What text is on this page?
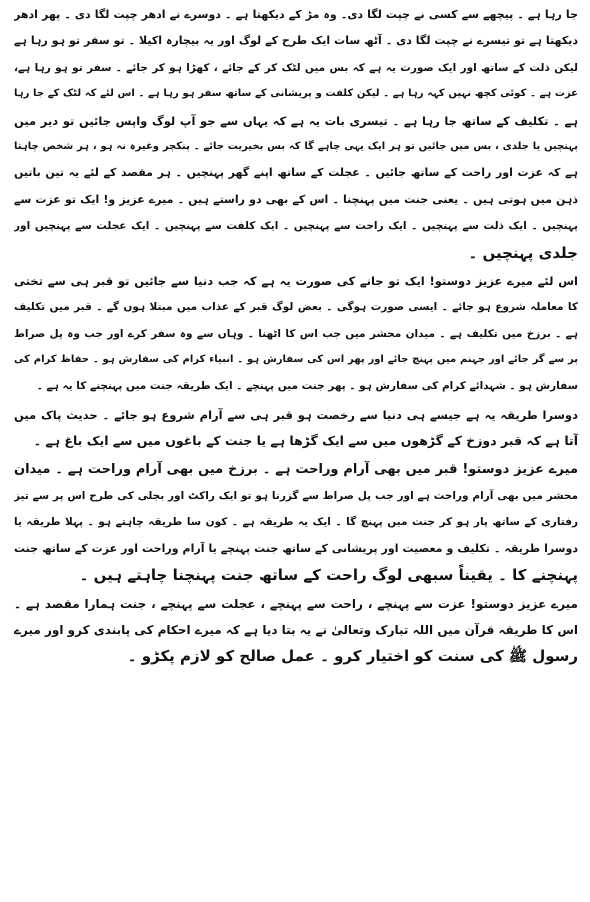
جا رہا ہے ۔ پیچھے سے کسی نے چپت لگا دی۔ وہ مڑ کے دیکھتا ہے ۔ دوسرے نے ادھر چپت لگا دی ۔ پھر ادھر
دیکھتا ہے تو تیسرے نے چپت لگا دی ۔ آٹھ سات ایک طرح کے لوگ اور یہ بیچارہ اکیلا ۔ تو سفر تو ہو رہا ہے
لیکن ذلت کے ساتھ اور ایک صورت یہ ہے کہ بس میں لٹک کر کے جائے ، کھڑا ہو کر جائے ۔ سفر تو ہو رہا ہے،
عزت ہے ۔ کوئی کچھ نہیں کہہ رہا ہے ۔ لیکن کلفت و پریشانی کے ساتھ سفر ہو رہا ہے ۔ اس لئے کہ لٹک کے جا رہا
ہے ۔ تکلیف کے ساتھ جا رہا ہے ۔ تیسری بات یہ ہے کہ یہاں سے جو آپ لوگ واپس جائیں تو دیر میں
پہنچیں یا جلدی ، بس میں جائیں تو ہر ایک یہی چاہے گا کہ بس بخیریت جائے ۔ پنکچر وغیرہ نہ ہو ، ہر شخص چاہتا
ہے کہ عزت اور راحت کے ساتھ جائیں ۔ عجلت کے ساتھ اپنے گھر پہنچیں ۔ ہر مقصد کے لئے یہ تین باتیں
ذہن میں ہوتی ہیں ۔ یعنی جنت میں پہنچنا ۔ اس کے بھی دو راستے ہیں ۔ میرے عزیز و! ایک تو عزت سے
پہنچیں ۔ ایک ذلت سے پہنچیں ۔ ایک راحت سے پہنچیں ۔ ایک کلفت سے پہنچیں ۔ ایک عجلت سے پہنچیں اور
جلدی پہنچیں ۔
اس لئے میرے عزیز دوستو! ایک تو جانے کی صورت یہ ہے کہ جب دنیا سے جائیں تو قبر ہی سے تختی
کا معاملہ شروع ہو جائے ۔ ایسی صورت ہوگی ۔ بعض لوگ قبر کے عذاب میں مبتلا ہوں گے ۔ قبر میں تکلیف
ہے ۔ برزخ میں تکلیف ہے ۔ میدان محشر میں جب اس کا اٹھنا ۔ وہاں سے وہ سفر کرے اور جب وہ پل صراط
پر سے گر جائے اور جہنم میں پہنچ جائے اور پھر اس کی سفارش ہو ۔ انبیاء کرام کی سفارش ہو ۔ حفاظ کرام کی
سفارش ہو ۔ شہدائے کرام کی سفارش ہو ۔ پھر جنت میں پہنچے ۔ ایک طریقہ جنت میں پہنچنے کا یہ ہے ۔
دوسرا طریقہ یہ ہے جیسے ہی دنیا سے رخصت ہو قبر ہی سے آرام شروع ہو جائے ۔ حدیث پاک میں
آتا ہے کہ قبر دوزخ کے گڑھوں میں سے ایک گڑھا ہے یا جنت کے باغوں میں سے ایک باغ ہے ۔
میرے عزیز دوستو! قبر میں بھی آرام وراحت ہے ۔ برزخ میں بھی آرام وراحت ہے ۔ میدان
محشر میں بھی آرام وراحت ہے اور جب پل صراط سے گزرنا ہو تو ایک راکٹ اور بجلی کی طرح اس پر سے تیز
رفتاری کے ساتھ پار ہو کر جنت میں پہنچ گا ۔ ایک یہ طریقہ ہے ۔ کون سا طریقہ چاہتے ہو ۔ پہلا طریقہ یا
دوسرا طریقہ ۔ تکلیف و معصیت اور پریشانی کے ساتھ جنت پہنچے یا آرام وراحت اور عزت کے ساتھ جنت
پہنچنے کا ۔ یقیناً سبھی لوگ راحت کے ساتھ جنت پہنچنا چاہتے ہیں ۔
میرے عزیز دوستو! عزت سے پہنچے ، راحت سے پہنچے ، عجلت سے پہنچے ، جنت ہمارا مقصد ہے ۔
اس کا طریقہ قرآن میں اللہ تبارک وتعالیٰ نے یہ بتا دیا ہے کہ میرے احکام کی پابندی کرو اور میرے
رسول ﷺ کی سنت کو اختیار کرو ۔ عمل صالح کو لازم پکڑو ۔
